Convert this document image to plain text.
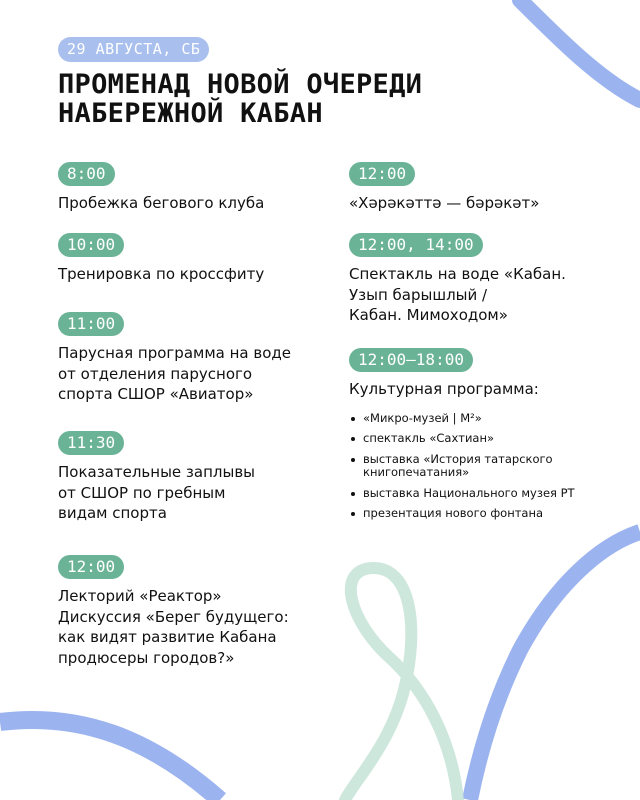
29 АВГУСТА, СБ
ПРОМЕНАД НОВОЙ ОЧЕРЕДИ
НАБЕРЕЖНОЙ КАБАН
8:00
Пробежка бегового клуба
10:00
Тренировка по кроссфиту
11:00
Парусная программа на воде
от отделения парусного
спорта СШОР «Авиатор»
11:30
Показательные заплывы
от СШОР по гребным
видам спорта
12:00
Лекторий «Реактор»
Дискуссия «Берег будущего:
как видят развитие Кабана
продюсеры городов?»
12:00
«Хәрәкәттә — бәрәкәт»
12:00, 14:00
Спектакль на воде «Кабан.
Узып барышлый /
Кабан. Мимоходом»
12:00–18:00
Культурная программа:
«Микро-музей | М²»
спектакль «Сахтиан»
выставка «История татарского
книгопечатания»
выставка Национального музея РТ
презентация нового фонтана
